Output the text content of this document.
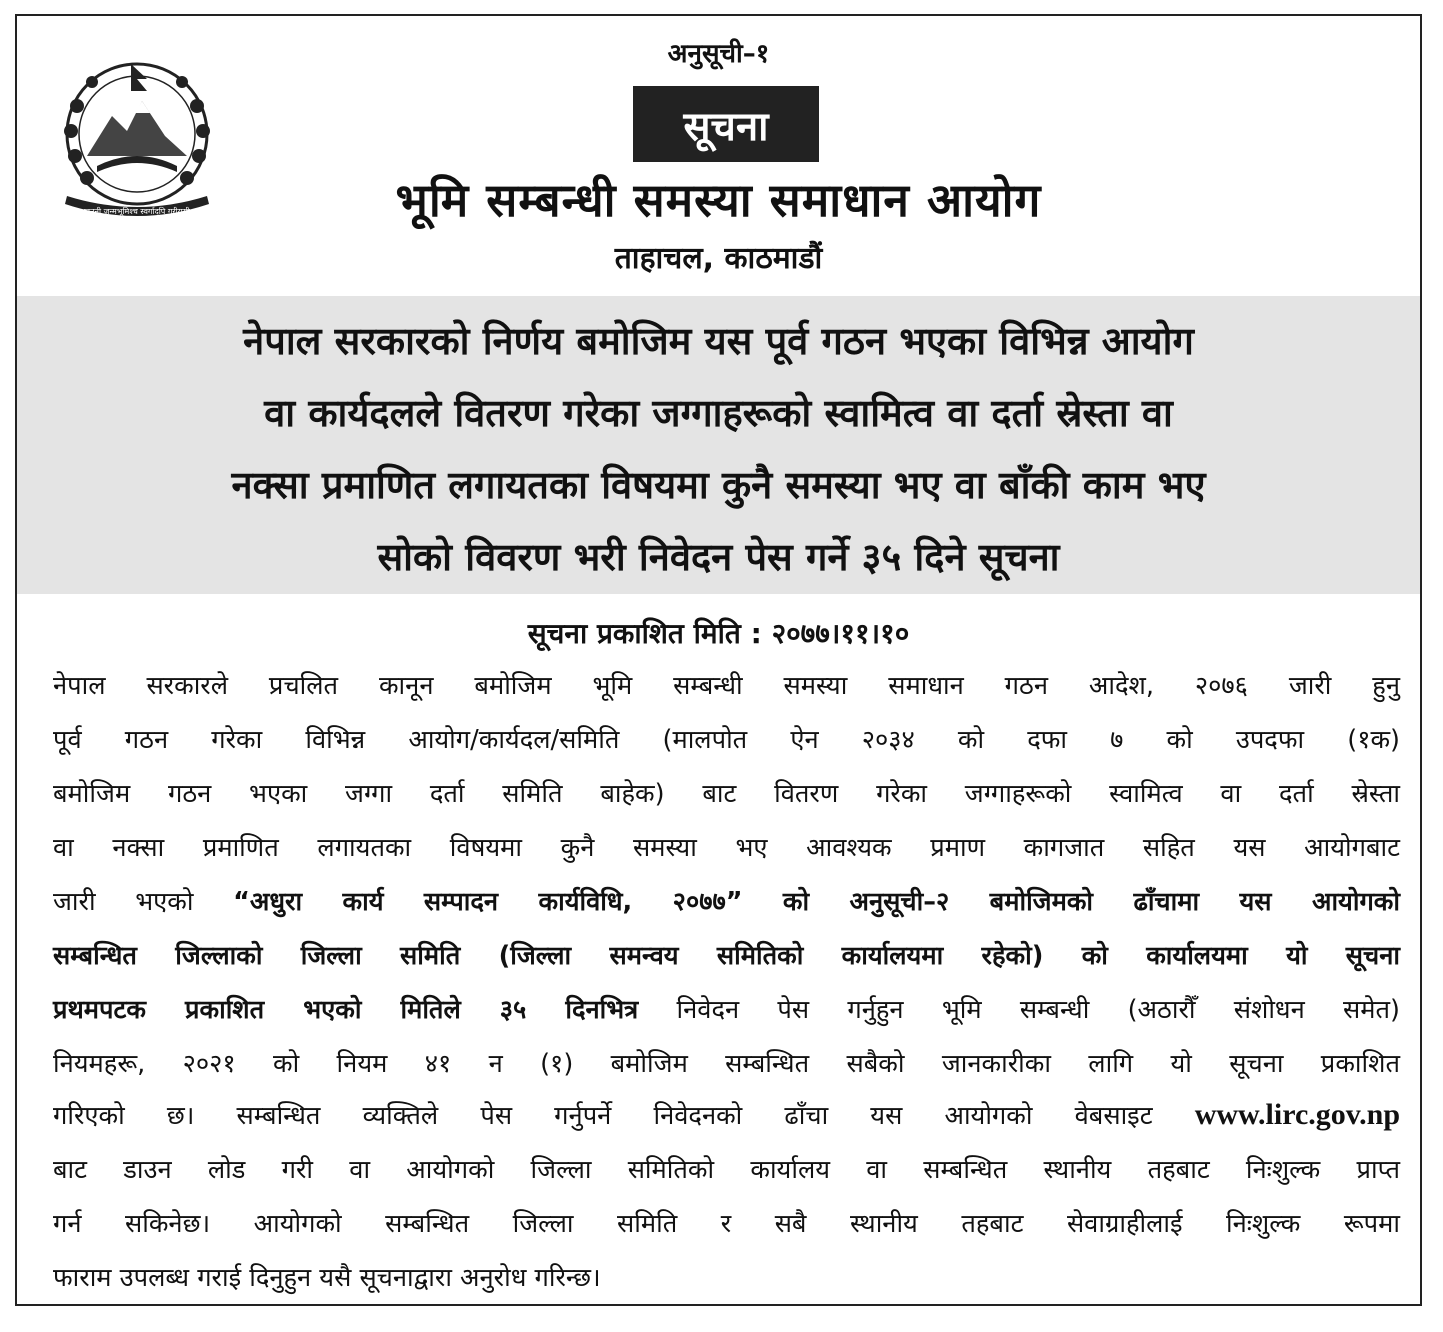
जननी जन्मभूमिश्च स्वर्गादपि गरीयसी
अनुसूची–१
सूचना
भूमि सम्बन्धी समस्या समाधान आयोग
ताहाचल, काठमाडौं
नेपाल सरकारको निर्णय बमोजिम यस पूर्व गठन भएका विभिन्न आयोग
वा कार्यदलले वितरण गरेका जग्गाहरूको स्वामित्व वा दर्ता स्रेस्ता वा
नक्सा प्रमाणित लगायतका विषयमा कुनै समस्या भए वा बाँकी काम भए
सोको विवरण भरी निवेदन पेस गर्ने ३५ दिने सूचना
सूचना प्रकाशित मिति : २०७७।११।१०
नेपाल सरकारले प्रचलित कानून बमोजिम भूमि सम्बन्धी समस्या समाधान गठन आदेश, २०७६ जारी हुनु
पूर्व गठन गरेका विभिन्न आयोग/कार्यदल/समिति (मालपोत ऐन २०३४ को दफा ७ को उपदफा (१क)
बमोजिम गठन भएका जग्गा दर्ता समिति बाहेक) बाट वितरण गरेका जग्गाहरूको स्वामित्व वा दर्ता स्रेस्ता
वा नक्सा प्रमाणित लगायतका विषयमा कुनै समस्या भए आवश्यक प्रमाण कागजात सहित यस आयोगबाट
जारी भएको “अधुरा कार्य सम्पादन कार्यविधि, २०७७” को अनुसूची–२ बमोजिमको ढाँचामा यस आयोगको
सम्बन्धित जिल्लाको जिल्ला समिति (जिल्ला समन्वय समितिको कार्यालयमा रहेको) को कार्यालयमा यो सूचना
प्रथमपटक प्रकाशित भएको मितिले ३५ दिनभित्र निवेदन पेस गर्नुहुन भूमि सम्बन्धी (अठारौँ संशोधन समेत)
नियमहरू, २०२१ को नियम ४१ न (१) बमोजिम सम्बन्धित सबैको जानकारीका लागि यो सूचना प्रकाशित
गरिएको छ। सम्बन्धित व्यक्तिले पेस गर्नुपर्ने निवेदनको ढाँचा यस आयोगको वेबसाइट www.lirc.gov.np
बाट डाउन लोड गरी वा आयोगको जिल्ला समितिको कार्यालय वा सम्बन्धित स्थानीय तहबाट निःशुल्क प्राप्त
गर्न सकिनेछ। आयोगको सम्बन्धित जिल्ला समिति र सबै स्थानीय तहबाट सेवाग्राहीलाई निःशुल्क रूपमा
फाराम उपलब्ध गराई दिनुहुन यसै सूचनाद्वारा अनुरोध गरिन्छ।
